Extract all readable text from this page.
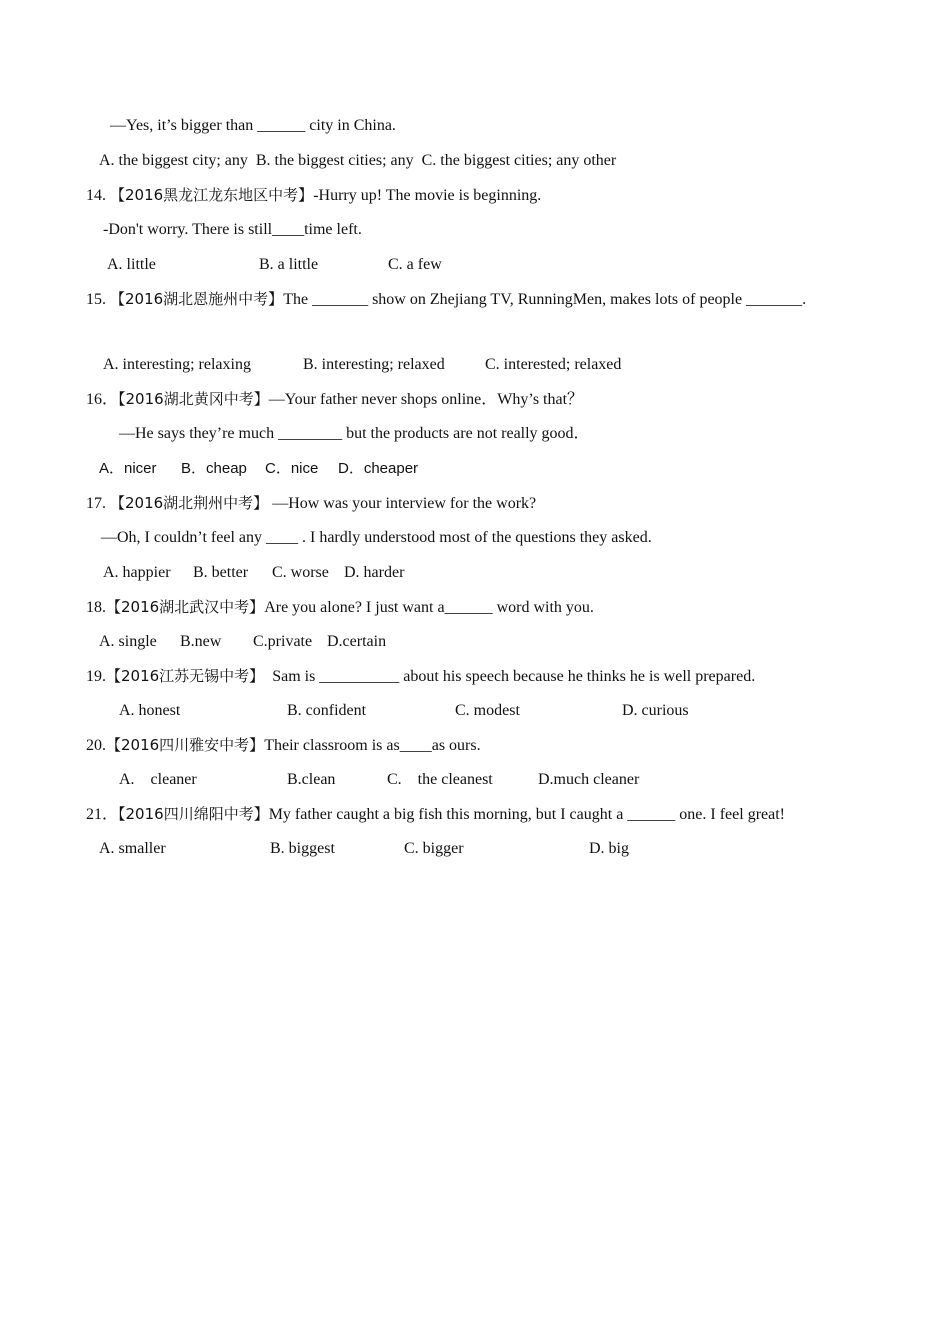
—Yes, it’s bigger than ______ city in China.
A. the biggest city; any  B. the biggest cities; any  C. the biggest cities; any other
14. 【2016黑龙江龙东地区中考】-Hurry up! The movie is beginning.
-Don't worry. There is still____time left.
A. little	B. a little	C. a few
15. 【2016湖北恩施州中考】The _______ show on Zhejiang TV, RunningMen, makes lots of people _______.
A. interesting; relaxing	B. interesting; relaxed	C. interested; relaxed
16．【2016湖北黄冈中考】—Your father never shops online．Why’s that？
—He says they’re much ________ but the products are not really good．
A．nicer B．cheap C．nice D．cheaper
17. 【2016湖北荆州中考】 —How was your interview for the work?
—Oh, I couldn’t feel any ____ . I hardly understood most of the questions they asked.
A. happier B. better C. worse D. harder
18.【2016湖北武汉中考】Are you alone? I just want a______ word with you.
A. single B.new C.private D.certain
19.【2016江苏无锡中考】  Sam is __________ about his speech because he thinks he is well prepared.
A. honest	B. confident	C. modest	D. curious
20.【2016四川雅安中考】Their classroom is as____as ours.
A.    cleaner	B.clean	C.    the cleanest	D.much cleaner
21．【2016四川绵阳中考】My father caught a big fish this morning, but I caught a ______ one. I feel great!
A. smaller	B. biggest	C. bigger	D. big
